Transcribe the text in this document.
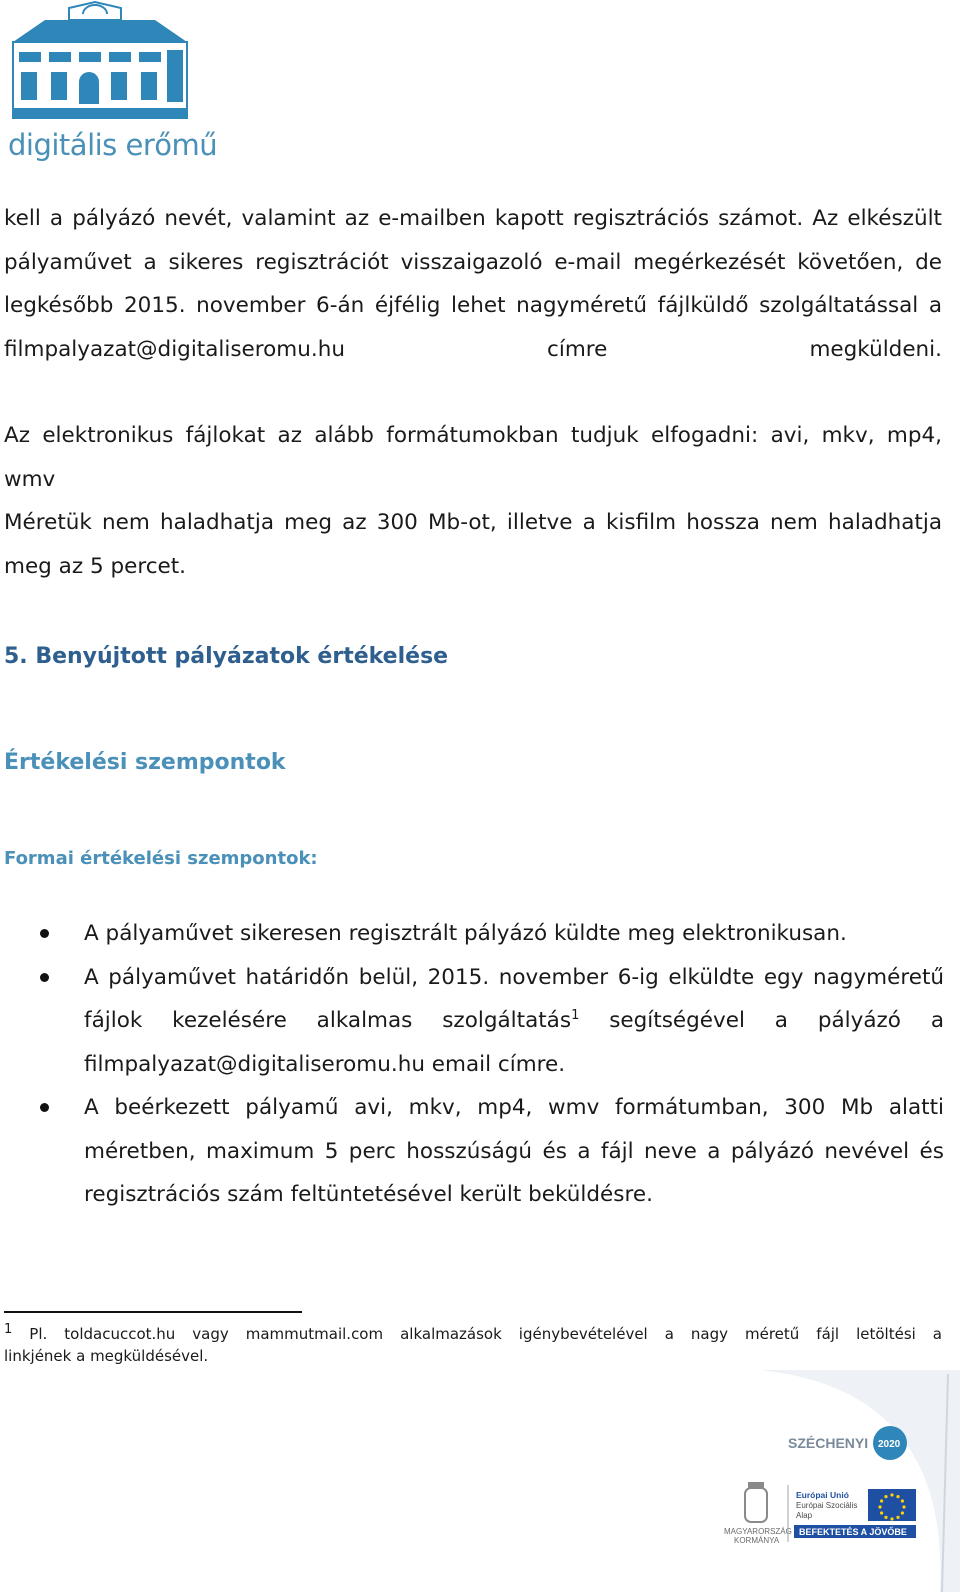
digitális erőmű
kell a pályázó nevét, valamint az e-mailben kapott regisztrációs számot. Az elkészült
pályaművet a sikeres regisztrációt visszaigazoló e-mail megérkezését követően, de
legkésőbb 2015. november 6-án éjfélig lehet nagyméretű fájlküldő szolgáltatással a
filmpalyazat@digitaliseromu.hu címre megküldeni.
Az elektronikus fájlokat az alább formátumokban tudjuk elfogadni: avi, mkv, mp4,
wmv
Méretük nem haladhatja meg az 300 Mb-ot, illetve a kisfilm hossza nem haladhatja
meg az 5 percet.
5. Benyújtott pályázatok értékelése
Értékelési szempontok
Formai értékelési szempontok:
A pályaművet sikeresen regisztrált pályázó küldte meg elektronikusan.
A pályaművet határidőn belül, 2015. november 6-ig elküldte egy nagyméretű
fájlok kezelésére alkalmas szolgáltatás$^1$ segítségével a pályázó a
filmpalyazat@digitaliseromu.hu email címre.
A beérkezett pályamű avi, mkv, mp4, wmv formátumban, 300 Mb alatti
méretben, maximum 5 perc hosszúságú és a fájl neve a pályázó nevével és
regisztrációs szám feltüntetésével került beküldésre.
$^1$ Pl. toldacuccot.hu vagy mammutmail.com alkalmazások igénybevételével a nagy méretű fájl letöltési a
linkjének a megküldésével.
SZÉCHENYI 2020
MAGYARORSZÁG
KORMÁNYA
Európai Unió
Európai Szociális
Alap
BEFEKTETÉS A JÖVŐBE
